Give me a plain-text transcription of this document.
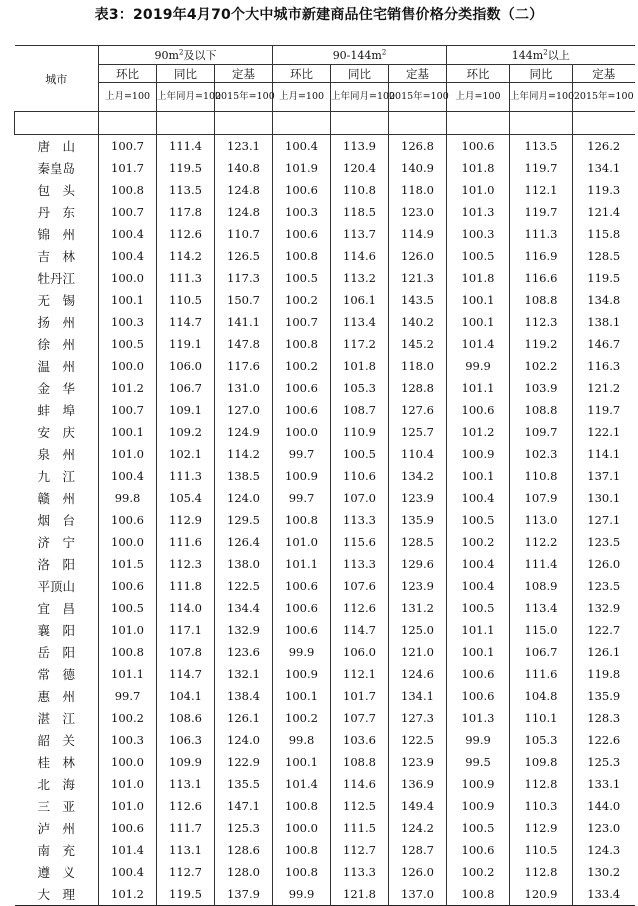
表3：2019年4月70个大中城市新建商品住宅销售价格分类指数（二）
城市	$90m^2$及以下			$90-144m^2$			$144m^2$以上		
	环比	同比	定基	环比	同比	定基	环比	同比	定基
	上月=100	上年同月=100	2015年=100	上月=100	上年同月=100	2015年=100	上月=100	上年同月=100	2015年=100

唐　山	100.7	111.4	123.1	100.4	113.9	126.8	100.6	113.5	126.2
秦皇岛	101.7	119.5	140.8	101.9	120.4	140.9	101.8	119.7	134.1
包　头	100.8	113.5	124.8	100.6	110.8	118.0	101.0	112.1	119.3
丹　东	100.7	117.8	124.8	100.3	118.5	123.0	101.3	119.7	121.4
锦　州	100.4	112.6	110.7	100.6	113.7	114.9	100.3	111.3	115.8
吉　林	100.4	114.2	126.5	100.8	114.6	126.0	100.5	116.9	128.5
牡丹江	100.0	111.3	117.3	100.5	113.2	121.3	101.8	116.6	119.5
无　锡	100.1	110.5	150.7	100.2	106.1	143.5	100.1	108.8	134.8
扬　州	100.3	114.7	141.1	100.7	113.4	140.2	100.1	112.3	138.1
徐　州	100.5	119.1	147.8	100.8	117.2	145.2	101.4	119.2	146.7
温　州	100.0	106.0	117.6	100.2	101.8	118.0	99.9	102.2	116.3
金　华	101.2	106.7	131.0	100.6	105.3	128.8	101.1	103.9	121.2
蚌　埠	100.7	109.1	127.0	100.6	108.7	127.6	100.6	108.8	119.7
安　庆	100.1	109.2	124.9	100.0	110.9	125.7	101.2	109.7	122.1
泉　州	101.0	102.1	114.2	99.7	100.5	110.4	100.9	102.3	114.1
九　江	100.4	111.3	138.5	100.9	110.6	134.2	100.1	110.8	137.1
赣　州	99.8	105.4	124.0	99.7	107.0	123.9	100.4	107.9	130.1
烟　台	100.6	112.9	129.5	100.8	113.3	135.9	100.5	113.0	127.1
济　宁	100.0	111.6	126.4	101.0	115.6	128.5	100.2	112.2	123.5
洛　阳	101.5	112.3	138.0	101.1	113.3	129.6	100.4	111.4	126.0
平顶山	100.6	111.8	122.5	100.6	107.6	123.9	100.4	108.9	123.5
宜　昌	100.5	114.0	134.4	100.6	112.6	131.2	100.5	113.4	132.9
襄　阳	101.0	117.1	132.9	100.6	114.7	125.0	101.1	115.0	122.7
岳　阳	100.8	107.8	123.6	99.9	106.0	121.0	100.1	106.7	126.1
常　德	101.1	114.7	132.1	100.9	112.1	124.6	100.6	111.6	119.8
惠　州	99.7	104.1	138.4	100.1	101.7	134.1	100.6	104.8	135.9
湛　江	100.2	108.6	126.1	100.2	107.7	127.3	101.3	110.1	128.3
韶　关	100.3	106.3	124.0	99.8	103.6	122.5	99.9	105.3	122.6
桂　林	100.0	109.9	122.9	100.1	108.8	123.9	99.5	109.8	125.3
北　海	101.0	113.1	135.5	101.4	114.6	136.9	100.9	112.8	133.1
三　亚	101.0	112.6	147.1	100.8	112.5	149.4	100.9	110.3	144.0
泸　州	100.6	111.7	125.3	100.0	111.5	124.2	100.5	112.9	123.0
南　充	101.4	113.1	128.6	100.8	112.7	128.7	100.6	110.5	124.3
遵　义	100.4	112.7	128.0	100.8	113.3	126.0	100.2	112.8	130.2
大　理	101.2	119.5	137.9	99.9	121.8	137.0	100.8	120.9	133.4
